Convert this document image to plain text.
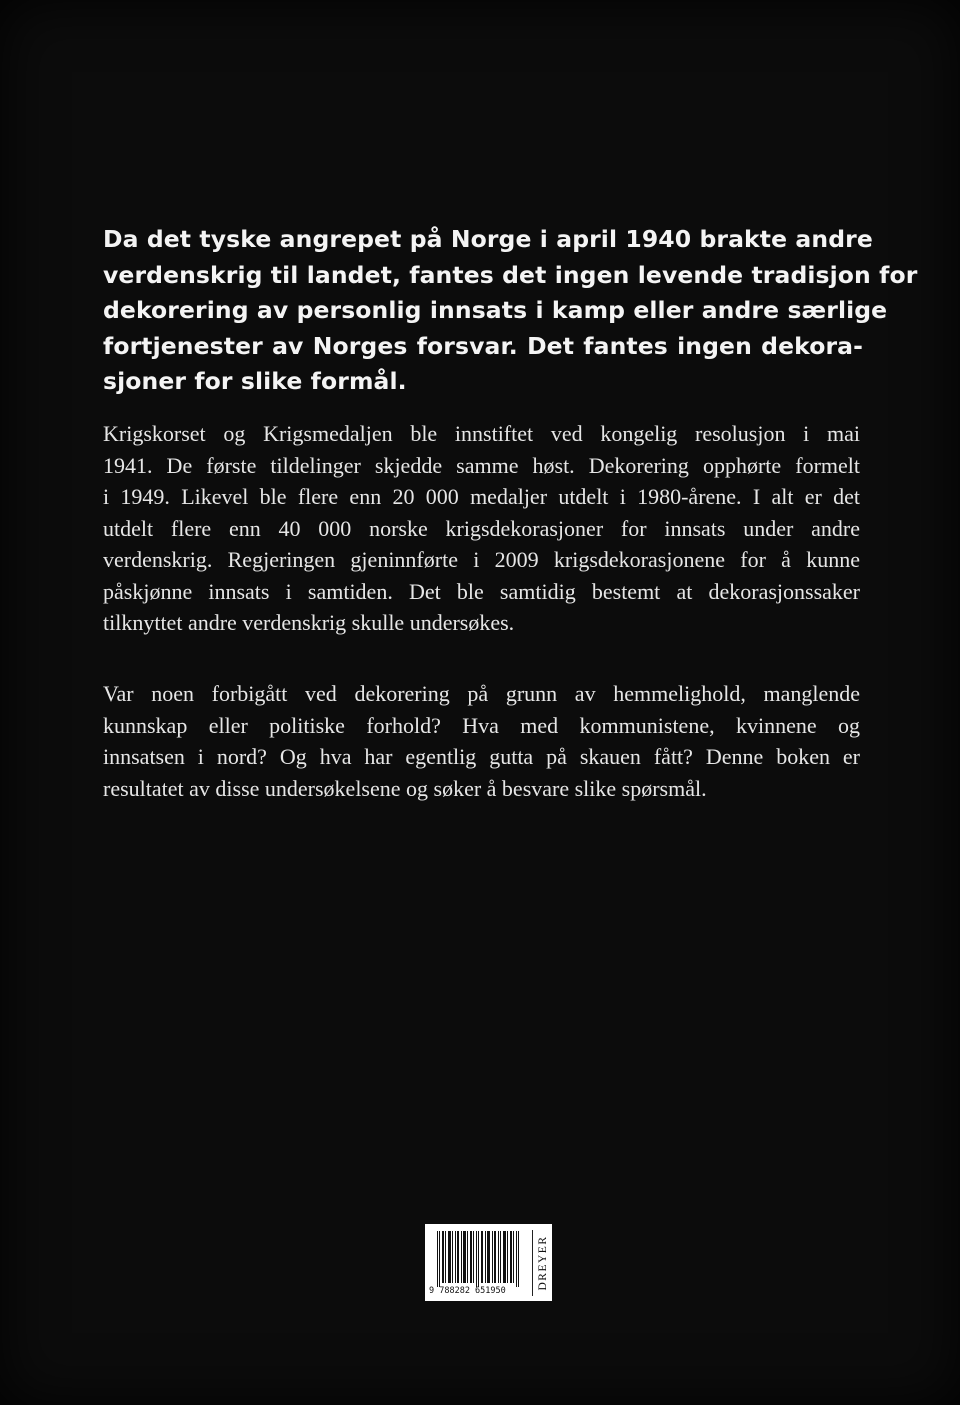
Da det tyske angrepet på Norge i april 1940 brakte andre
verdenskrig til landet, fantes det ingen levende tradisjon for
dekorering av personlig innsats i kamp eller andre særlige
fortjenester av Norges forsvar. Det fantes ingen dekora-
sjoner for slike formål.
Krigskorset og Krigsmedaljen ble innstiftet ved kongelig resolusjon i mai
1941. De første tildelinger skjedde samme høst. Dekorering opphørte formelt
i 1949. Likevel ble flere enn 20 000 medaljer utdelt i 1980-årene. I alt er det
utdelt flere enn 40 000 norske krigsdekorasjoner for innsats under andre
verdenskrig. Regjeringen gjeninnførte i 2009 krigsdekorasjonene for å kunne
påskjønne innsats i samtiden. Det ble samtidig bestemt at dekorasjonssaker
tilknyttet andre verdenskrig skulle undersøkes.
Var noen forbigått ved dekorering på grunn av hemmelighold, manglende
kunnskap eller politiske forhold? Hva med kommunistene, kvinnene og
innsatsen i nord? Og hva har egentlig gutta på skauen fått? Denne boken er
resultatet av disse undersøkelsene og søker å besvare slike spørsmål.
9 788282 651950
DREYER
